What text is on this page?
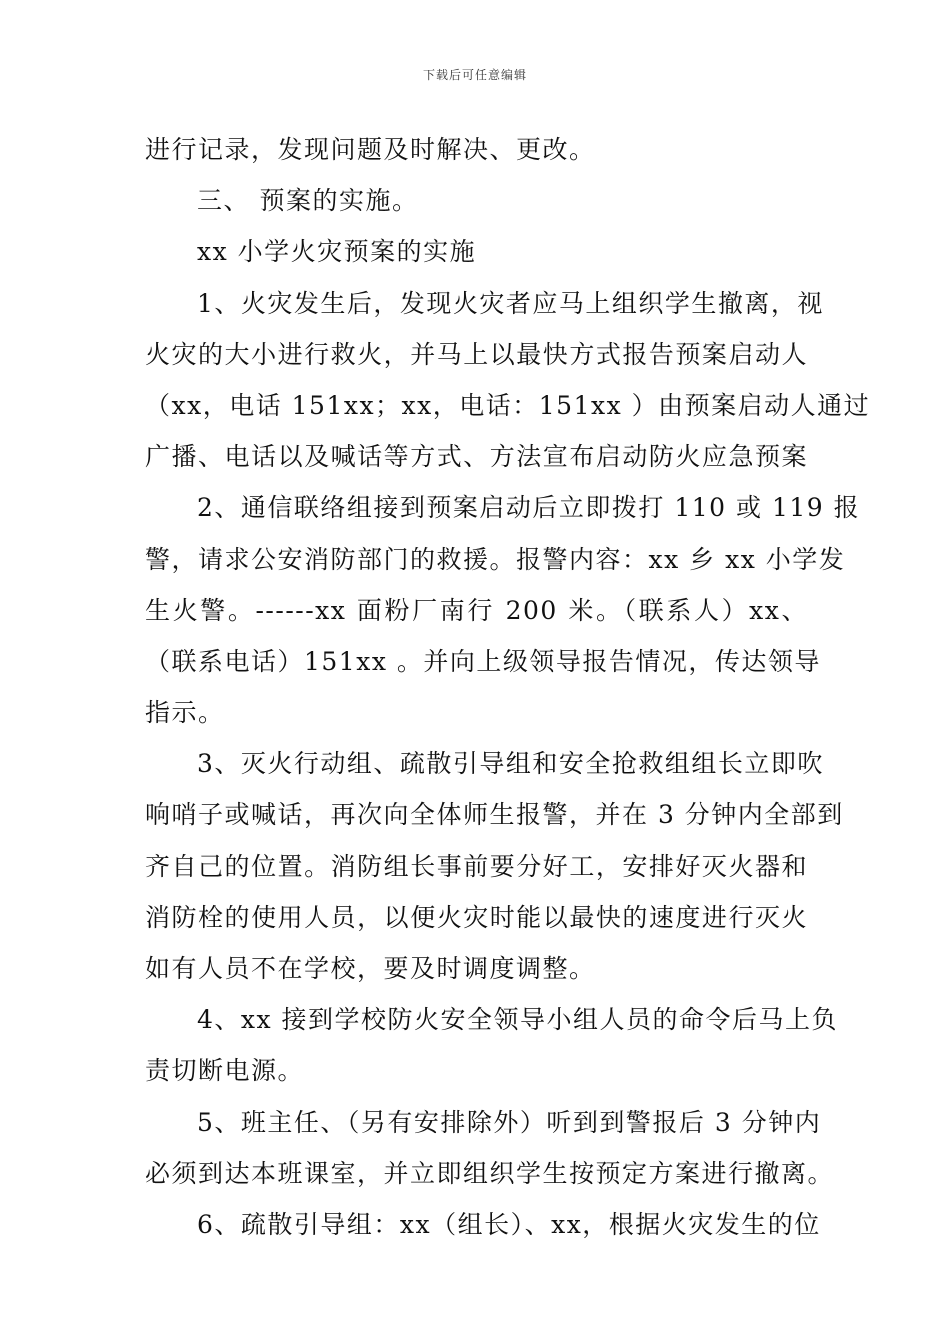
下载后可任意编辑
进行记录，发现问题及时解决、更改。
三、 预案的实施。
xx 小学火灾预案的实施
1、火灾发生后，发现火灾者应马上组织学生撤离，视
火灾的大小进行救火，并马上以最快方式报告预案启动人
（xx，电话 151xx；xx，电话：151xx ）由预案启动人通过
广播、电话以及喊话等方式、方法宣布启动防火应急预案
2、通信联络组接到预案启动后立即拨打 110 或 119 报
警，请求公安消防部门的救援。报警内容：xx 乡 xx 小学发
生火警。------xx 面粉厂南行 200 米。（联系人）xx、
（联系电话）151xx 。并向上级领导报告情况，传达领导
指示。
3、灭火行动组、疏散引导组和安全抢救组组长立即吹
响哨子或喊话，再次向全体师生报警，并在 3 分钟内全部到
齐自己的位置。消防组长事前要分好工，安排好灭火器和
消防栓的使用人员，以便火灾时能以最快的速度进行灭火
如有人员不在学校，要及时调度调整。
4、xx 接到学校防火安全领导小组人员的命令后马上负
责切断电源。
5、班主任、（另有安排除外）听到到警报后 3 分钟内
必须到达本班课室，并立即组织学生按预定方案进行撤离。
6、疏散引导组：xx（组长）、xx，根据火灾发生的位
